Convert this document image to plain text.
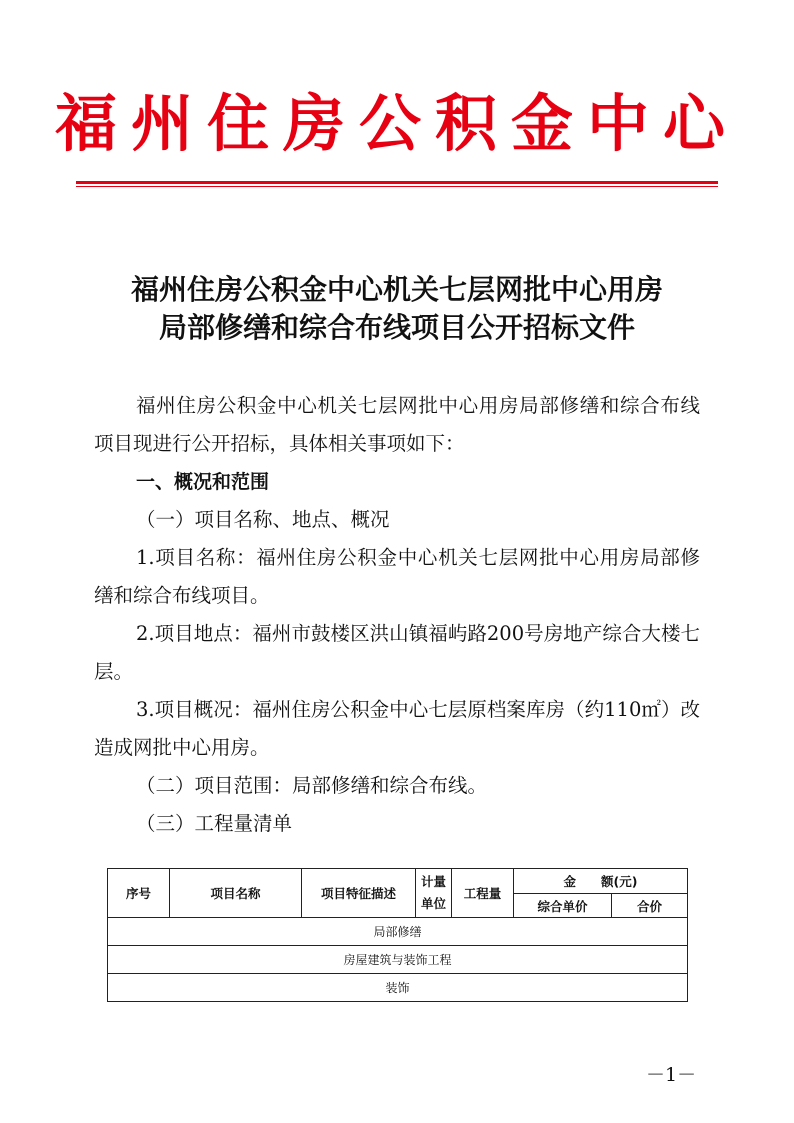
福州住房公积金中心
福州住房公积金中心机关七层网批中心用房
局部修缮和综合布线项目公开招标文件
福州住房公积金中心机关七层网批中心用房局部修缮和综合布线项目现进行公开招标，具体相关事项如下：
一、概况和范围
（一）项目名称、地点、概况
1.项目名称：福州住房公积金中心机关七层网批中心用房局部修缮和综合布线项目。
2.项目地点：福州市鼓楼区洪山镇福屿路200号房地产综合大楼七层。
3.项目概况：福州住房公积金中心七层原档案库房（约110㎡）改造成网批中心用房。
（二）项目范围：局部修缮和综合布线。
（三）工程量清单
序号	项目名称	项目特征描述	计量单位	工程量	金　　额(元)	
					综合单价	合价
局部修缮						
房屋建筑与装饰工程						
装饰						
－1－
